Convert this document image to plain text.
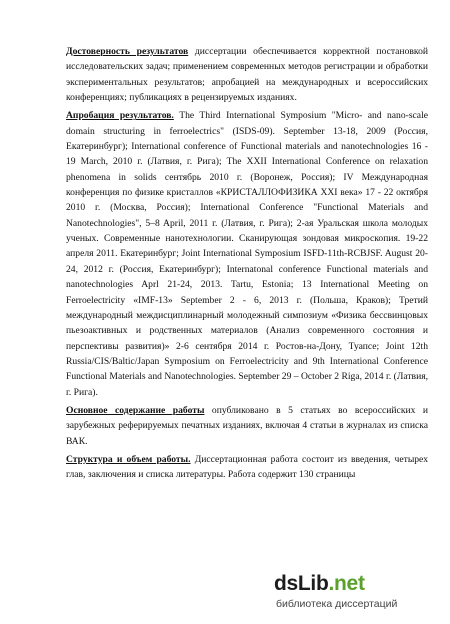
Достоверность результатов диссертации обеспечивается корректной постановкой исследовательских задач; применением современных методов регистрации и обработки экспериментальных результатов; апробацией на международных и всероссийских конференциях; публикациях в рецензируемых изданиях.

Апробация результатов. The Third International Symposium "Micro- and nano-scale domain structuring in ferroelectrics" (ISDS-09). September 13-18, 2009 (Россия, Екатеринбург); International conference of Functional materials and nanotechnologies 16 - 19 March, 2010 г. (Латвия, г. Рига); The XXII International Conference on relaxation phenomena in solids сентябрь 2010 г. (Воронеж, Россия); IV Международная конференция по физике кристаллов «КРИСТАЛЛОФИЗИКА XXI века» 17 - 22 октября 2010 г. (Москва, Россия); International Conference "Functional Materials and Nanotechnologies", 5–8 April, 2011 г. (Латвия, г. Рига); 2-ая Уральская школа молодых ученых. Современные нанотехнологии. Сканирующая зондовая микроскопия. 19-22 апреля 2011. Екатеринбург; Joint International Symposium ISFD-11th-RCBJSF. August 20-24, 2012 г. (Россия, Екатеринбург); Internatonal conference Functional materials and nanotechnologies Aprl 21-24, 2013. Tartu, Estonia; 13 International Meeting on Ferroelectricity «IMF-13» September 2 - 6, 2013 г. (Польша, Краков); Третий международный междисциплинарный молодежный симпозиум «Физика бессвинцовых пьезоактивных и родственных материалов (Анализ современного состояния и перспективы развития)» 2-6 сентября 2014 г. Ростов-на-Дону, Туапсе; Joint 12th Russia/CIS/Baltic/Japan Symposium on Ferroelectricity and 9th International Conference Functional Materials and Nanotechnologies. September 29 – October 2 Riga, 2014 г. (Латвия, г. Рига).

Основное содержание работы опубликовано в 5 статьях во всероссийских и зарубежных реферируемых печатных изданиях, включая 4 статьи в журналах из списка ВАК.

Структура и объем работы. Диссертационная работа состоит из введения, четырех глав, заключения и списка литературы. Работа содержит 130 страницы

dsLib.net
библиотека диссертаций
